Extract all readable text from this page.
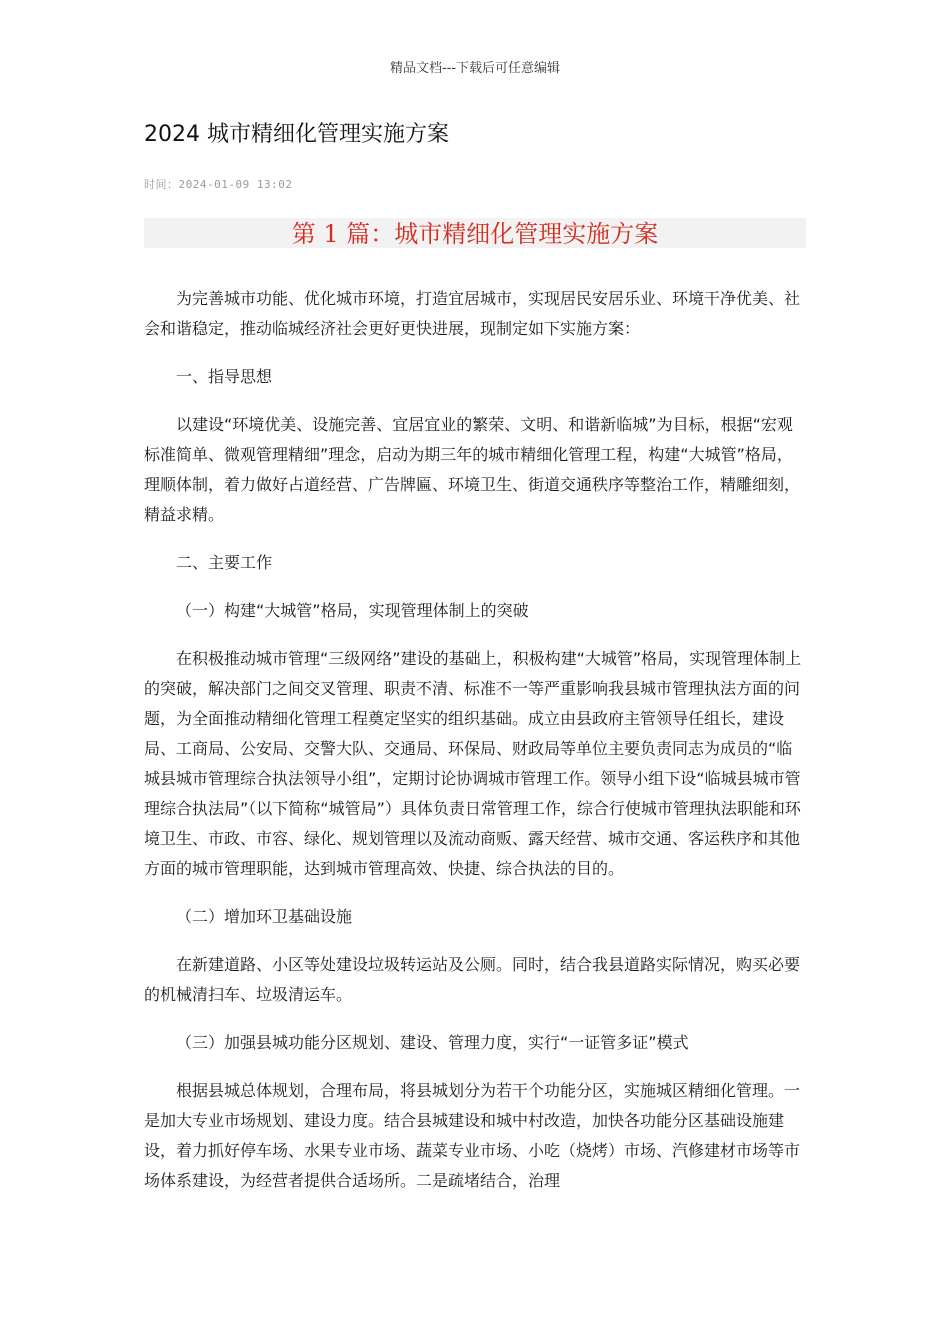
精品文档---下载后可任意编辑
2024 城市精细化管理实施方案
时间：2024-01-09 13:02
第 1 篇：城市精细化管理实施方案

为完善城市功能、优化城市环境，打造宜居城市，实现居民安居乐业、环境干净优美、社会和谐稳定，推动临城经济社会更好更快进展，现制定如下实施方案：

一、指导思想

以建设“环境优美、设施完善、宜居宜业的繁荣、文明、和谐新临城”为目标，根据“宏观标准简单、微观管理精细”理念，启动为期三年的城市精细化管理工程，构建“大城管”格局，理顺体制，着力做好占道经营、广告牌匾、环境卫生、街道交通秩序等整治工作，精雕细刻，精益求精。

二、主要工作

（一）构建“大城管”格局，实现管理体制上的突破

在积极推动城市管理“三级网络”建设的基础上，积极构建“大城管”格局，实现管理体制上的突破，解决部门之间交叉管理、职责不清、标准不一等严重影响我县城市管理执法方面的问题，为全面推动精细化管理工程奠定坚实的组织基础。成立由县政府主管领导任组长，建设局、工商局、公安局、交警大队、交通局、环保局、财政局等单位主要负责同志为成员的“临城县城市管理综合执法领导小组”，定期讨论协调城市管理工作。领导小组下设“临城县城市管理综合执法局”（以下简称“城管局”）具体负责日常管理工作，综合行使城市管理执法职能和环境卫生、市政、市容、绿化、规划管理以及流动商贩、露天经营、城市交通、客运秩序和其他方面的城市管理职能，达到城市管理高效、快捷、综合执法的目的。

（二）增加环卫基础设施

在新建道路、小区等处建设垃圾转运站及公厕。同时，结合我县道路实际情况，购买必要的机械清扫车、垃圾清运车。

（三）加强县城功能分区规划、建设、管理力度，实行“一证管多证”模式

根据县城总体规划，合理布局，将县城划分为若干个功能分区，实施城区精细化管理。一是加大专业市场规划、建设力度。结合县城建设和城中村改造，加快各功能分区基础设施建设，着力抓好停车场、水果专业市场、蔬菜专业市场、小吃（烧烤）市场、汽修建材市场等市场体系建设，为经营者提供合适场所。二是疏堵结合，治理
